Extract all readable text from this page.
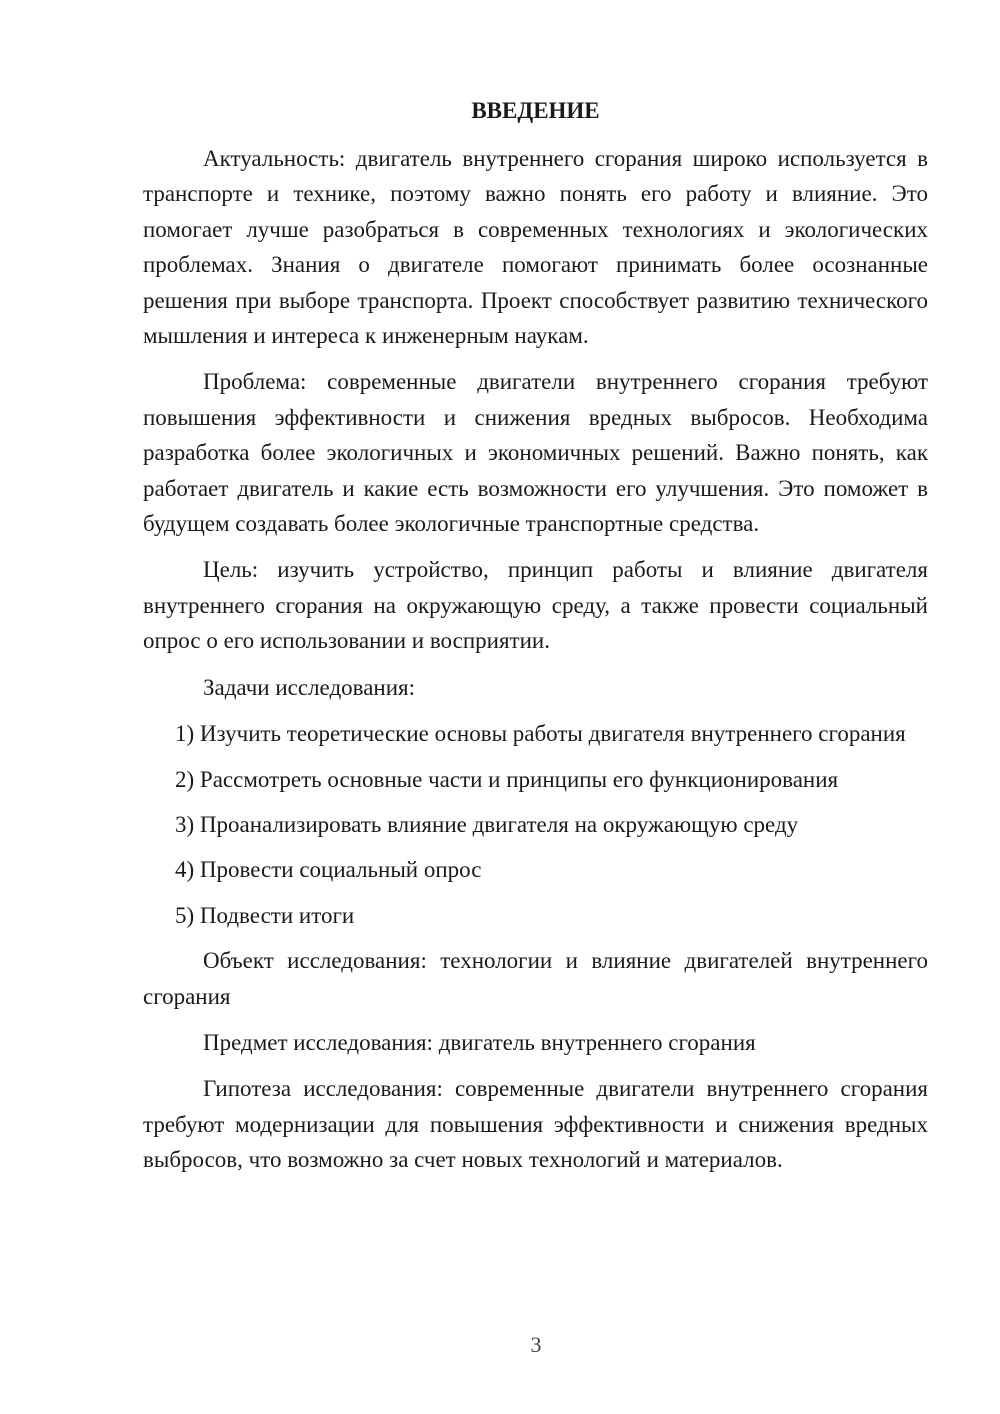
ВВЕДЕНИЕ

Актуальность: двигатель внутреннего сгорания широко используется в транспорте и технике, поэтому важно понять его работу и влияние. Это помогает лучше разобраться в современных технологиях и экологических проблемах. Знания о двигателе помогают принимать более осознанные решения при выборе транспорта. Проект способствует развитию технического мышления и интереса к инженерным наукам.

Проблема: современные двигатели внутреннего сгорания требуют повышения эффективности и снижения вредных выбросов. Необходима разработка более экологичных и экономичных решений. Важно понять, как работает двигатель и какие есть возможности его улучшения. Это поможет в будущем создавать более экологичные транспортные средства.

Цель: изучить устройство, принцип работы и влияние двигателя внутреннего сгорания на окружающую среду, а также провести социальный опрос о его использовании и восприятии.

Задачи исследования:

1) Изучить теоретические основы работы двигателя внутреннего сгорания

2) Рассмотреть основные части и принципы его функционирования

3) Проанализировать влияние двигателя на окружающую среду

4) Провести социальный опрос

5) Подвести итоги

Объект исследования: технологии и влияние двигателей внутреннего сгорания

Предмет исследования: двигатель внутреннего сгорания

Гипотеза исследования: современные двигатели внутреннего сгорания требуют модернизации для повышения эффективности и снижения вредных выбросов, что возможно за счет новых технологий и материалов.

3
